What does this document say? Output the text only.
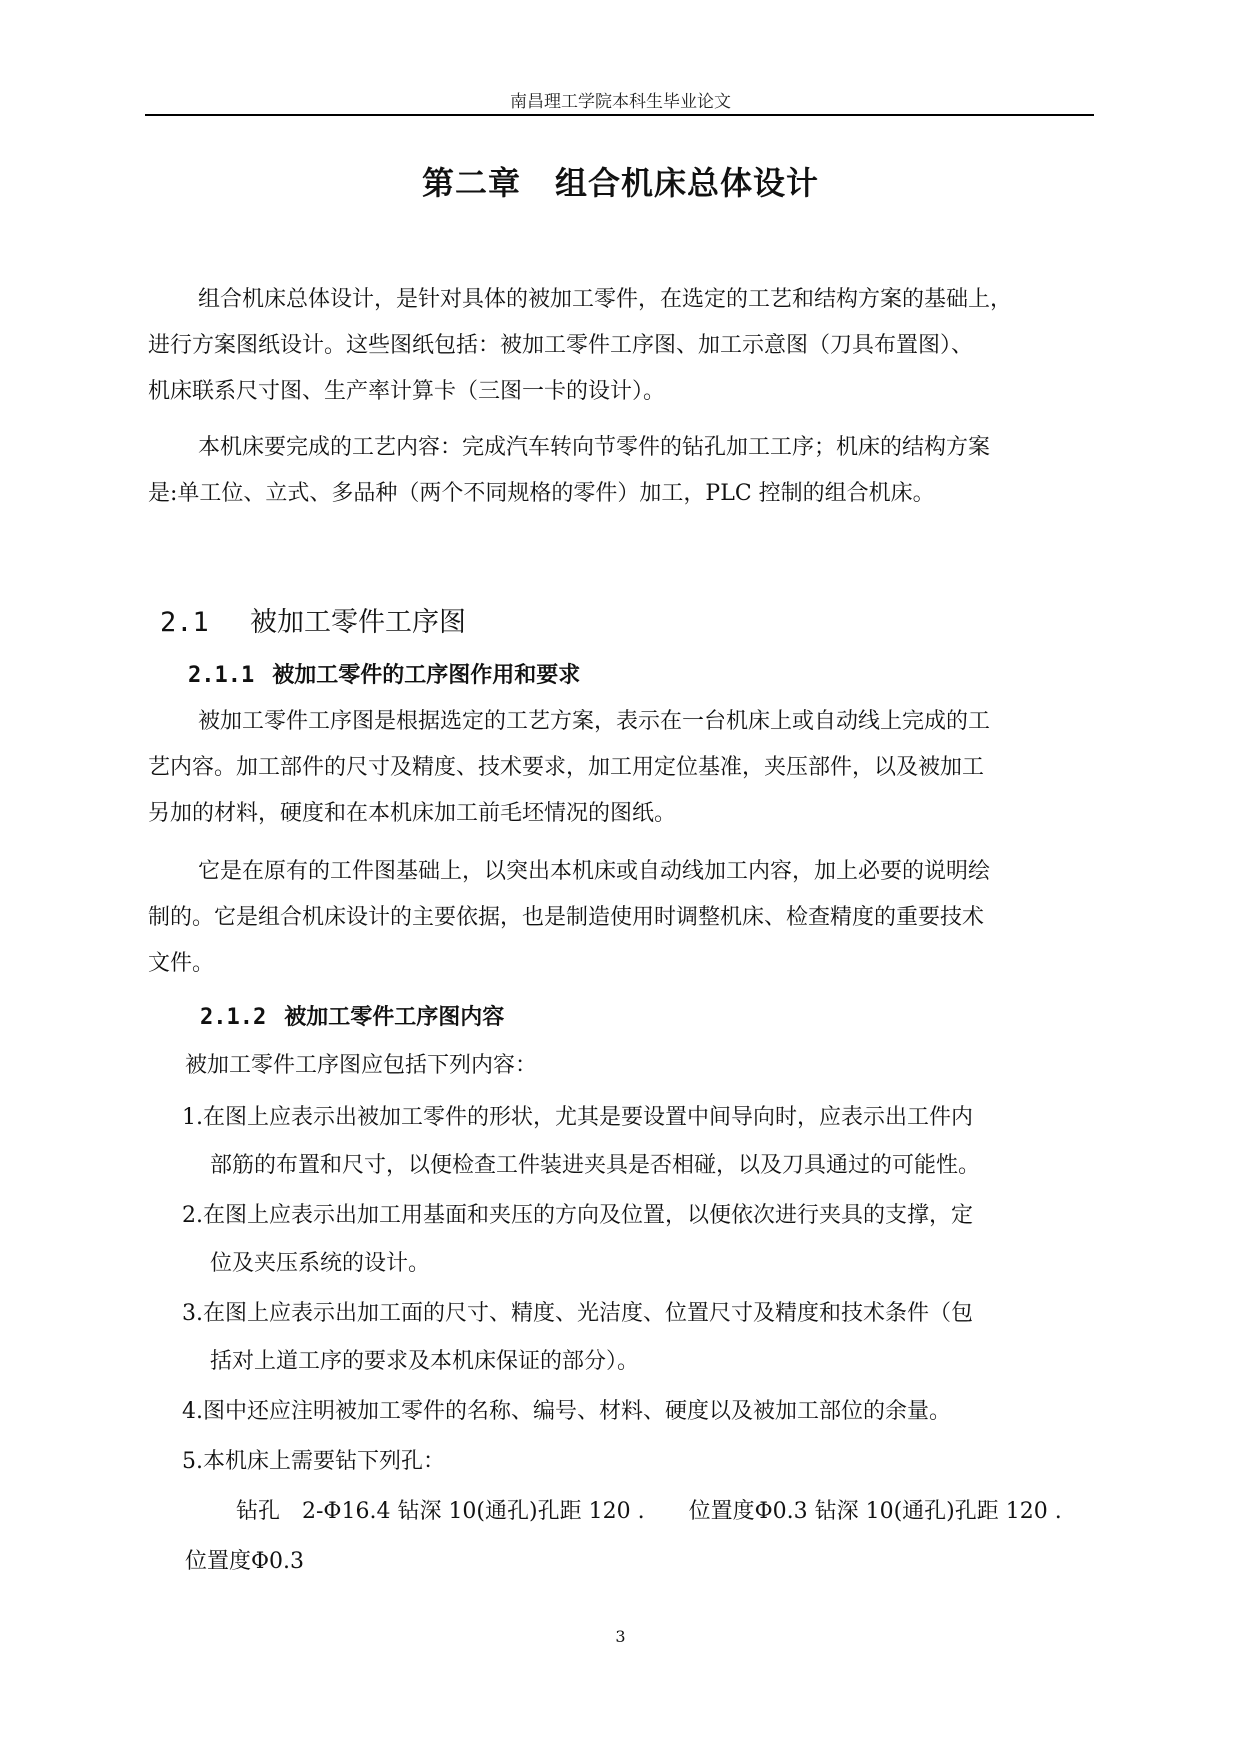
南昌理工学院本科生毕业论文
第二章 组合机床总体设计
组合机床总体设计，是针对具体的被加工零件，在选定的工艺和结构方案的基础上，
进行方案图纸设计。这些图纸包括：被加工零件工序图、加工示意图（刀具布置图）、
机床联系尺寸图、生产率计算卡（三图一卡的设计）。
本机床要完成的工艺内容：完成汽车转向节零件的钻孔加工工序；机床的结构方案
是:单工位、立式、多品种（两个不同规格的零件）加工，PLC 控制的组合机床。
2.1 被加工零件工序图
2.1.1 被加工零件的工序图作用和要求
被加工零件工序图是根据选定的工艺方案，表示在一台机床上或自动线上完成的工
艺内容。加工部件的尺寸及精度、技术要求，加工用定位基准，夹压部件，以及被加工
另加的材料，硬度和在本机床加工前毛坯情况的图纸。
它是在原有的工件图基础上，以突出本机床或自动线加工内容，加上必要的说明绘
制的。它是组合机床设计的主要依据，也是制造使用时调整机床、检查精度的重要技术
文件。
2.1.2 被加工零件工序图内容
被加工零件工序图应包括下列内容：
1.在图上应表示出被加工零件的形状，尤其是要设置中间导向时，应表示出工件内
部筋的布置和尺寸，以便检查工件装进夹具是否相碰，以及刀具通过的可能性。
2.在图上应表示出加工用基面和夹压的方向及位置，以便依次进行夹具的支撑，定
位及夹压系统的设计。
3.在图上应表示出加工面的尺寸、精度、光洁度、位置尺寸及精度和技术条件（包
括对上道工序的要求及本机床保证的部分）。
4.图中还应注明被加工零件的名称、编号、材料、硬度以及被加工部位的余量。
5.本机床上需要钻下列孔：
钻孔　2-Φ16.4 钻深 10(通孔)孔距 120 .　　位置度Φ0.3 钻深 10(通孔)孔距 120 .
位置度Φ0.3
3
